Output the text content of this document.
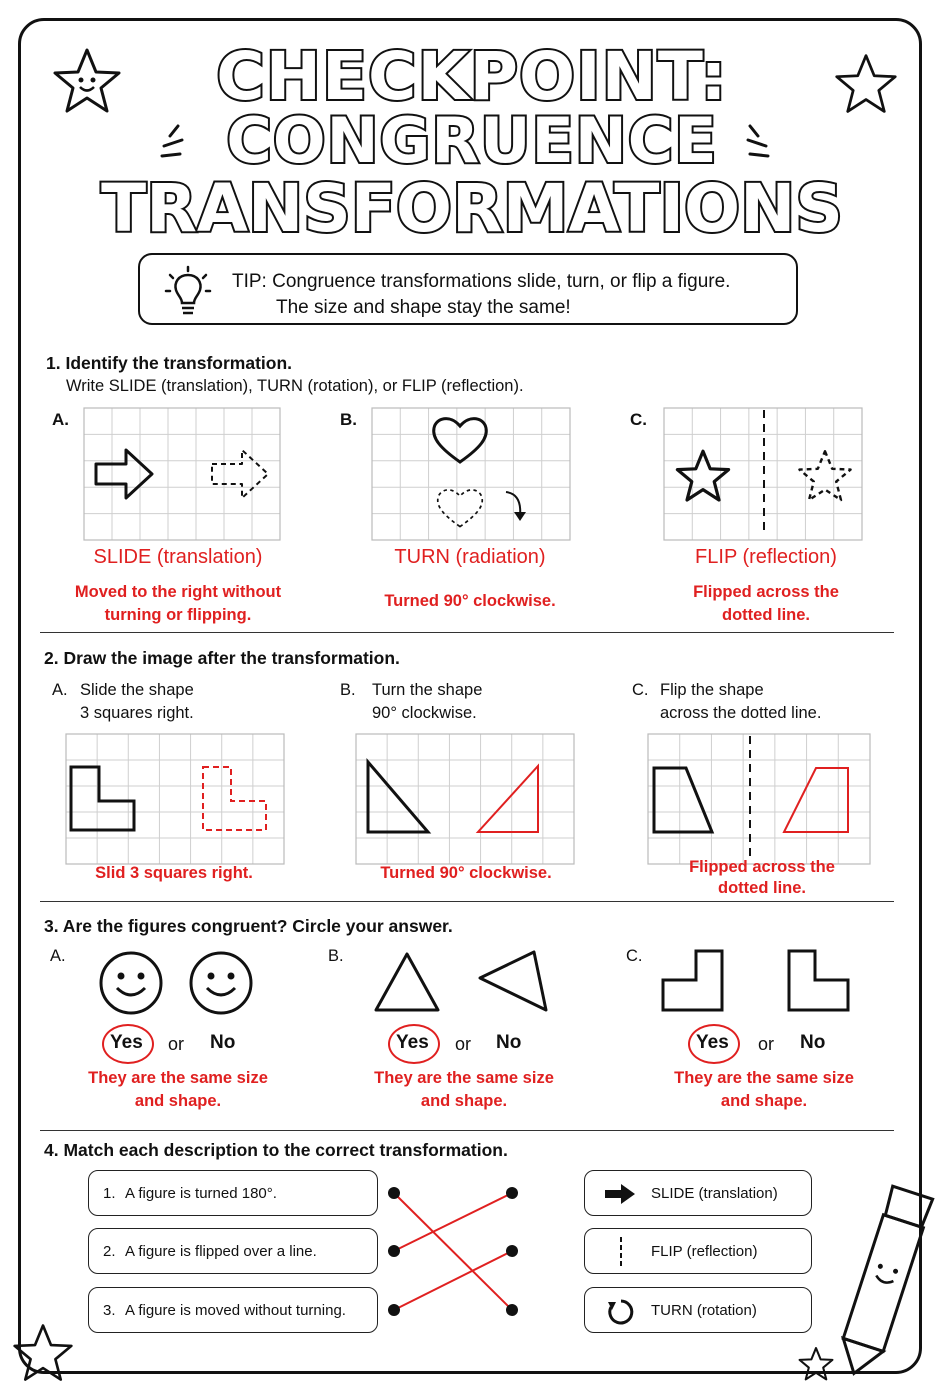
CHECKPOINT:
CONGRUENCE
TRANSFORMATIONS
TIP: Congruence transformations slide, turn, or flip a figure.
The size and shape stay the same!
1. Identify the transformation.
Write SLIDE (translation), TURN (rotation), or FLIP (reflection).
A.	B.	C.
SLIDE (translation)	TURN (radiation)	FLIP (reflection)
Moved to the right without
turning or flipping.
Turned 90° clockwise.	Flipped across the
dotted line.
2. Draw the image after the transformation.
A. Slide the shape
3 squares right.
B. Turn the shape
90° clockwise.
C. Flip the shape
across the dotted line.
Slid 3 squares right.	Turned 90° clockwise.	Flipped across the
dotted line.
3. Are the figures congruent? Circle your answer.
A.	B.	C.
Yes or No	Yes or No	Yes or No
They are the same size
and shape.
They are the same size
and shape.
They are the same size
and shape.
4. Match each description to the correct transformation.
1. A figure is turned 180°.
2. A figure is flipped over a line.
3. A figure is moved without turning.
SLIDE (translation)
FLIP (reflection)
TURN (rotation)
